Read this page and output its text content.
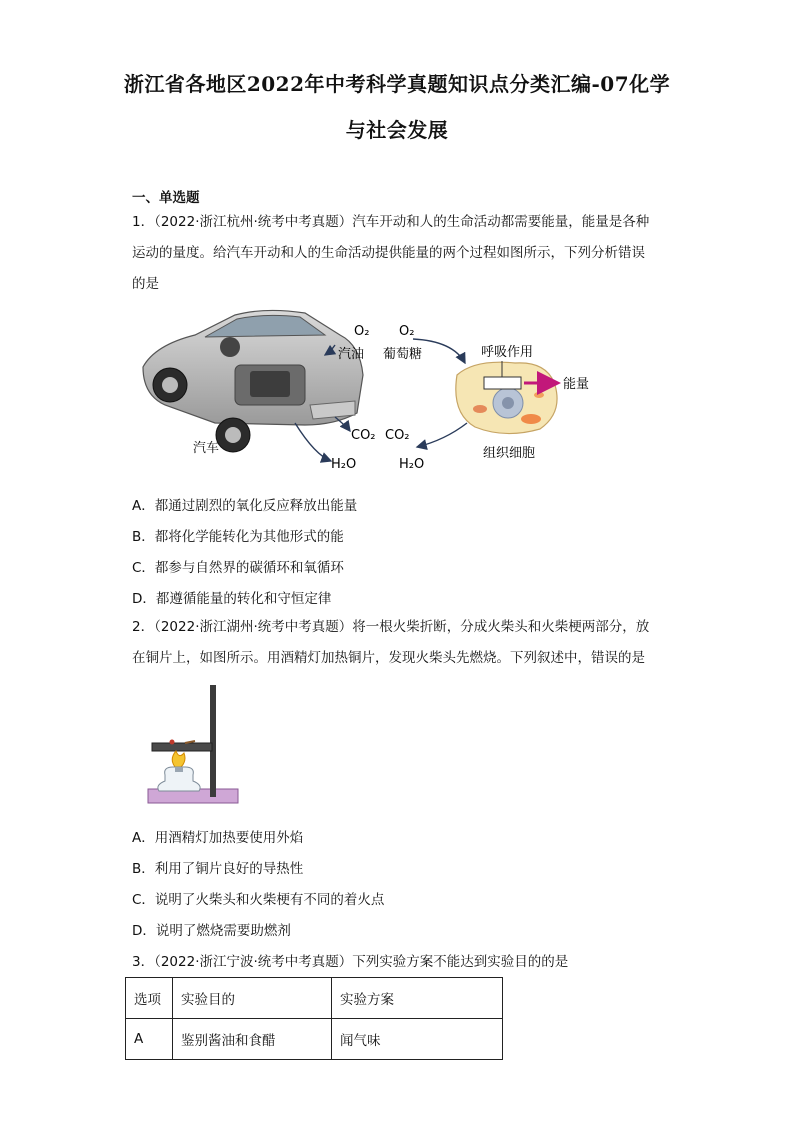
浙江省各地区2022年中考科学真题知识点分类汇编-07化学
与社会发展
一、单选题
1．（2022·浙江杭州·统考中考真题）汽车开动和人的生命活动都需要能量，能量是各种
运动的量度。给汽车开动和人的生命活动提供能量的两个过程如图所示，下列分析错误
的是
汽车
O₂ O₂
汽油 葡萄糖	呼吸作用
能量
CO₂ CO₂
H₂O	H₂O
组织细胞
A．都通过剧烈的氧化反应释放出能量
B．都将化学能转化为其他形式的能
C．都参与自然界的碳循环和氧循环
D．都遵循能量的转化和守恒定律
2．（2022·浙江湖州·统考中考真题）将一根火柴折断，分成火柴头和火柴梗两部分，放
在铜片上，如图所示。用酒精灯加热铜片，发现火柴头先燃烧。下列叙述中，错误的是
A．用酒精灯加热要使用外焰
B．利用了铜片良好的导热性
C．说明了火柴头和火柴梗有不同的着火点
D．说明了燃烧需要助燃剂
3．（2022·浙江宁波·统考中考真题）下列实验方案不能达到实验目的的是
选项	实验目的	实验方案
A	鉴别酱油和食醋	闻气味
